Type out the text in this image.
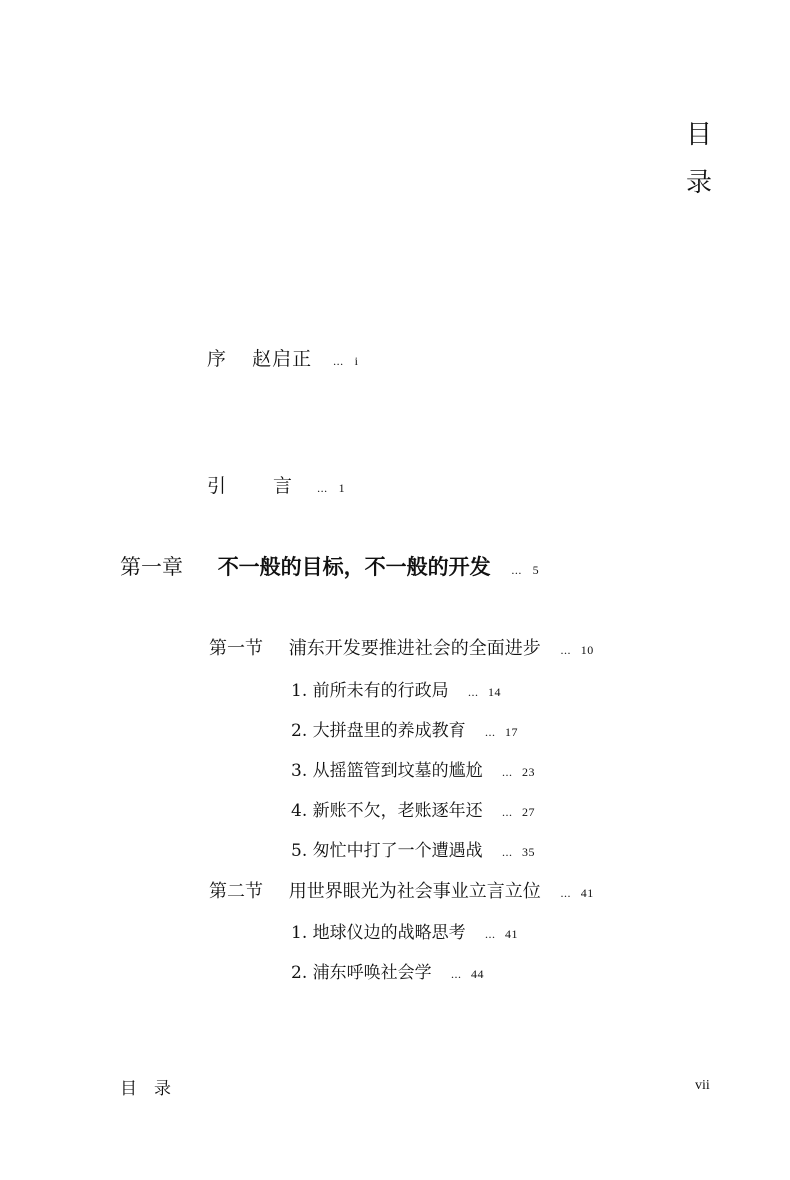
目
录
序 赵启正 ... i
引　言 ... 1
第一章 不一般的目标，不一般的开发 ... 5
第一节 浦东开发要推进社会的全面进步 ... 10
1. 前所未有的行政局 ... 14
2. 大拼盘里的养成教育 ... 17
3. 从摇篮管到坟墓的尴尬 ... 23
4. 新账不欠，老账逐年还 ... 27
5. 匆忙中打了一个遭遇战 ... 35
第二节 用世界眼光为社会事业立言立位 ... 41
1. 地球仪边的战略思考 ... 41
2. 浦东呼唤社会学 ... 44
目　录	vii
